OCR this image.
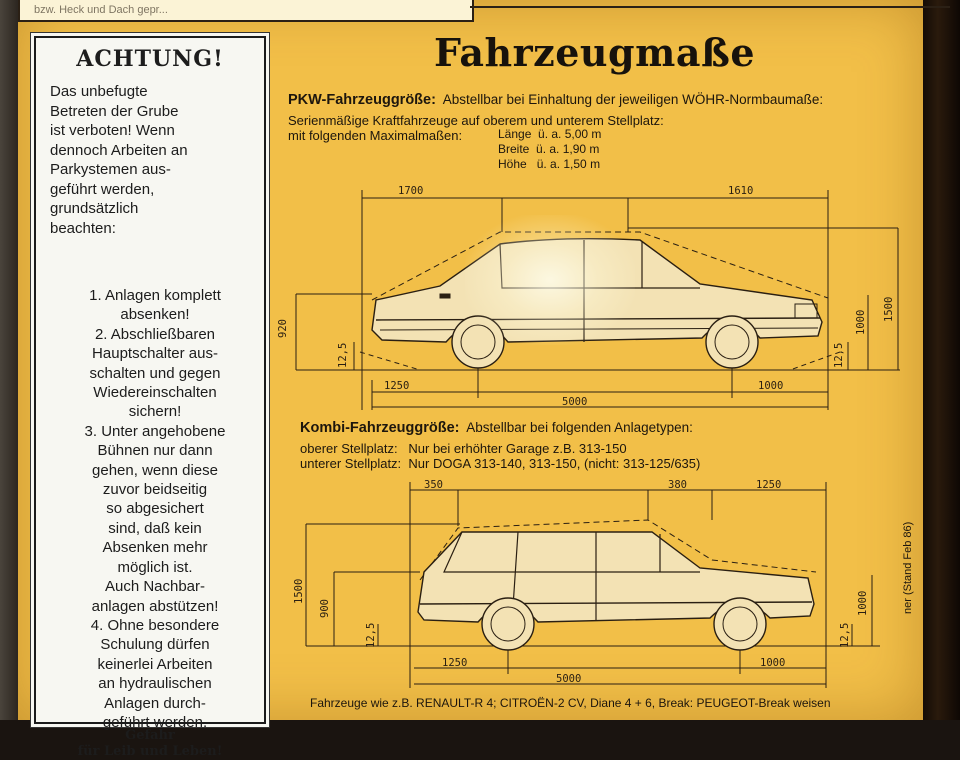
bzw. Heck und Dach gepr...
ACHTUNG!

Das unbefugte
Betreten der Grube
ist verboten! Wenn
dennoch Arbeiten an
Parkystemen aus-
geführt werden,
grundsätzlich
beachten:

1. Anlagen komplett
absenken!
2. Abschließbaren
Hauptschalter aus-
schalten und gegen
Wiedereinschalten
sichern!
3. Unter angehobene
Bühnen nur dann
gehen, wenn diese
zuvor beidseitig
so abgesichert
sind, daß kein
Absenken mehr
möglich ist.
Auch Nachbar-
anlagen abstützen!
4. Ohne besondere
Schulung dürfen
keinerlei Arbeiten
an hydraulischen
Anlagen durch-
geführt werden.
Gefahr
für Leib und Leben!
Fahrzeugmaße
PKW-Fahrzeuggröße: Abstellbar bei Einhaltung der jeweiligen WÖHR-Normbaumaße:
Serienmäßige Kraftfahrzeuge auf oberem und unterem Stellplatz:
mit folgenden Maximalmaßen:	Länge  ü. a. 5,00 m
Breite  ü. a. 1,90 m
Höhe   ü. a. 1,50 m
Kombi-Fahrzeuggröße: Abstellbar bei folgenden Anlagetypen:
oberer Stellplatz:   Nur bei erhöhter Garage z.B. 313-150
unterer Stellplatz:  Nur DOGA 313-140, 313-150, (nicht: 313-125/635)
1700	1610
920	1000
1500
12,5	12,5
1250	1000
5000
350	380	1250
1500
900	1000
12,5	12,5
1250	1000
5000
Fahrzeuge wie z.B. RENAULT-R 4; CITROËN-2 CV, Diane 4 + 6, Break: PEUGEOT-Break weisen
ner (Stand Feb 86)
